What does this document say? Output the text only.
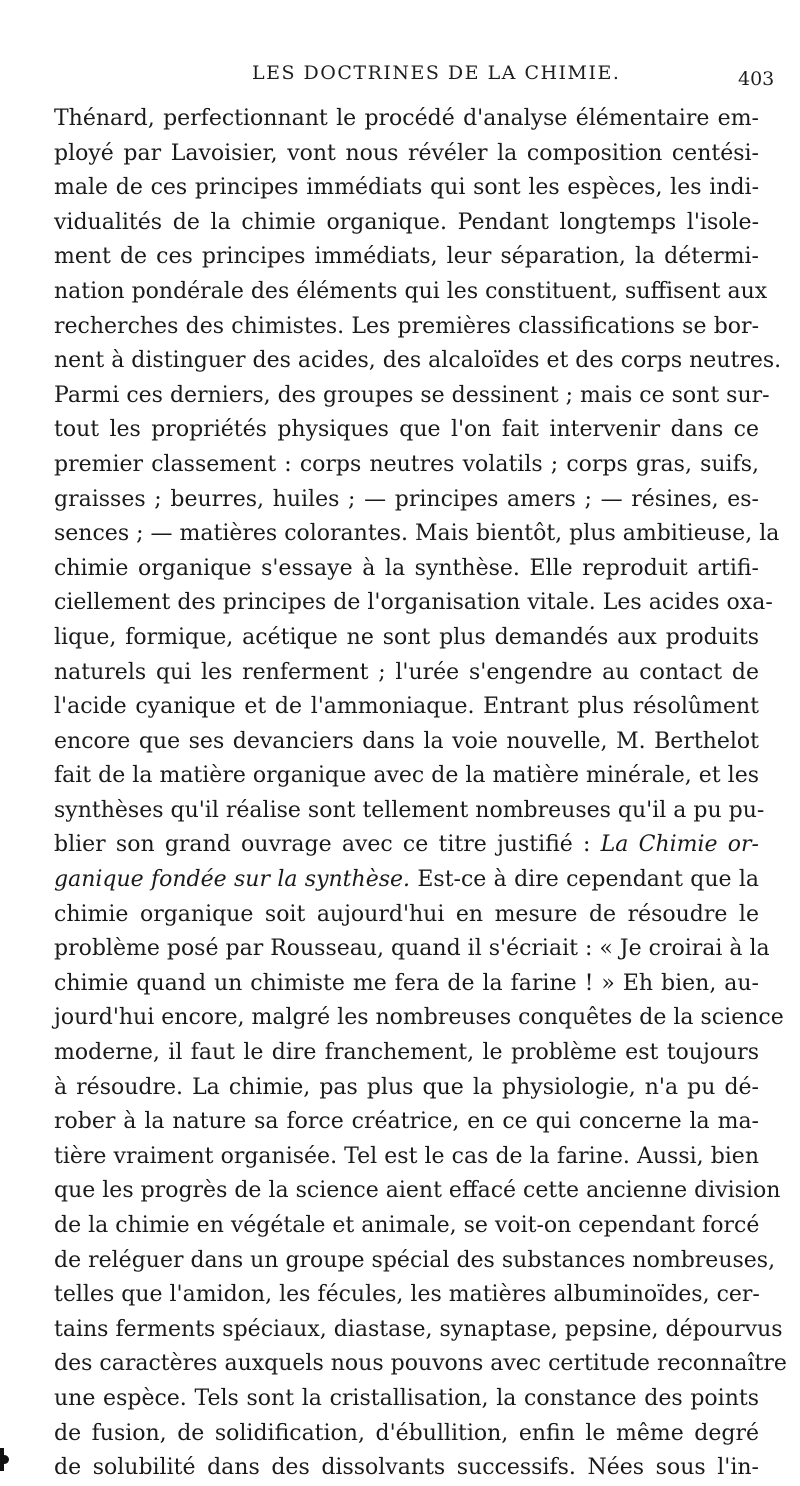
LES DOCTRINES DE LA CHIMIE.	403
Thénard, perfectionnant le procédé d'analyse élémentaire em-
ployé par Lavoisier, vont nous révéler la composition centési-
male de ces principes immédiats qui sont les espèces, les indi-
vidualités de la chimie organique. Pendant longtemps l'isole-
ment de ces principes immédiats, leur séparation, la détermi-
nation pondérale des éléments qui les constituent, suffisent aux
recherches des chimistes. Les premières classifications se bor-
nent à distinguer des acides, des alcaloïdes et des corps neutres.
Parmi ces derniers, des groupes se dessinent ; mais ce sont sur-
tout les propriétés physiques que l'on fait intervenir dans ce
premier classement : corps neutres volatils ; corps gras, suifs,
graisses ; beurres, huiles ; — principes amers ; — résines, es-
sences ; — matières colorantes. Mais bientôt, plus ambitieuse, la
chimie organique s'essaye à la synthèse. Elle reproduit artifi-
ciellement des principes de l'organisation vitale. Les acides oxa-
lique, formique, acétique ne sont plus demandés aux produits
naturels qui les renferment ; l'urée s'engendre au contact de
l'acide cyanique et de l'ammoniaque. Entrant plus résolûment
encore que ses devanciers dans la voie nouvelle, M. Berthelot
fait de la matière organique avec de la matière minérale, et les
synthèses qu'il réalise sont tellement nombreuses qu'il a pu pu-
blier son grand ouvrage avec ce titre justifié : La Chimie or-
ganique fondée sur la synthèse. Est-ce à dire cependant que la
chimie organique soit aujourd'hui en mesure de résoudre le
problème posé par Rousseau, quand il s'écriait : « Je croirai à la
chimie quand un chimiste me fera de la farine ! » Eh bien, au-
jourd'hui encore, malgré les nombreuses conquêtes de la science
moderne, il faut le dire franchement, le problème est toujours
à résoudre. La chimie, pas plus que la physiologie, n'a pu dé-
rober à la nature sa force créatrice, en ce qui concerne la ma-
tière vraiment organisée. Tel est le cas de la farine. Aussi, bien
que les progrès de la science aient effacé cette ancienne division
de la chimie en végétale et animale, se voit-on cependant forcé
de reléguer dans un groupe spécial des substances nombreuses,
telles que l'amidon, les fécules, les matières albuminoïdes, cer-
tains ferments spéciaux, diastase, synaptase, pepsine, dépourvus
des caractères auxquels nous pouvons avec certitude reconnaître
une espèce. Tels sont la cristallisation, la constance des points
de fusion, de solidification, d'ébullition, enfin le même degré
de solubilité dans des dissolvants successifs. Nées sous l'in-
